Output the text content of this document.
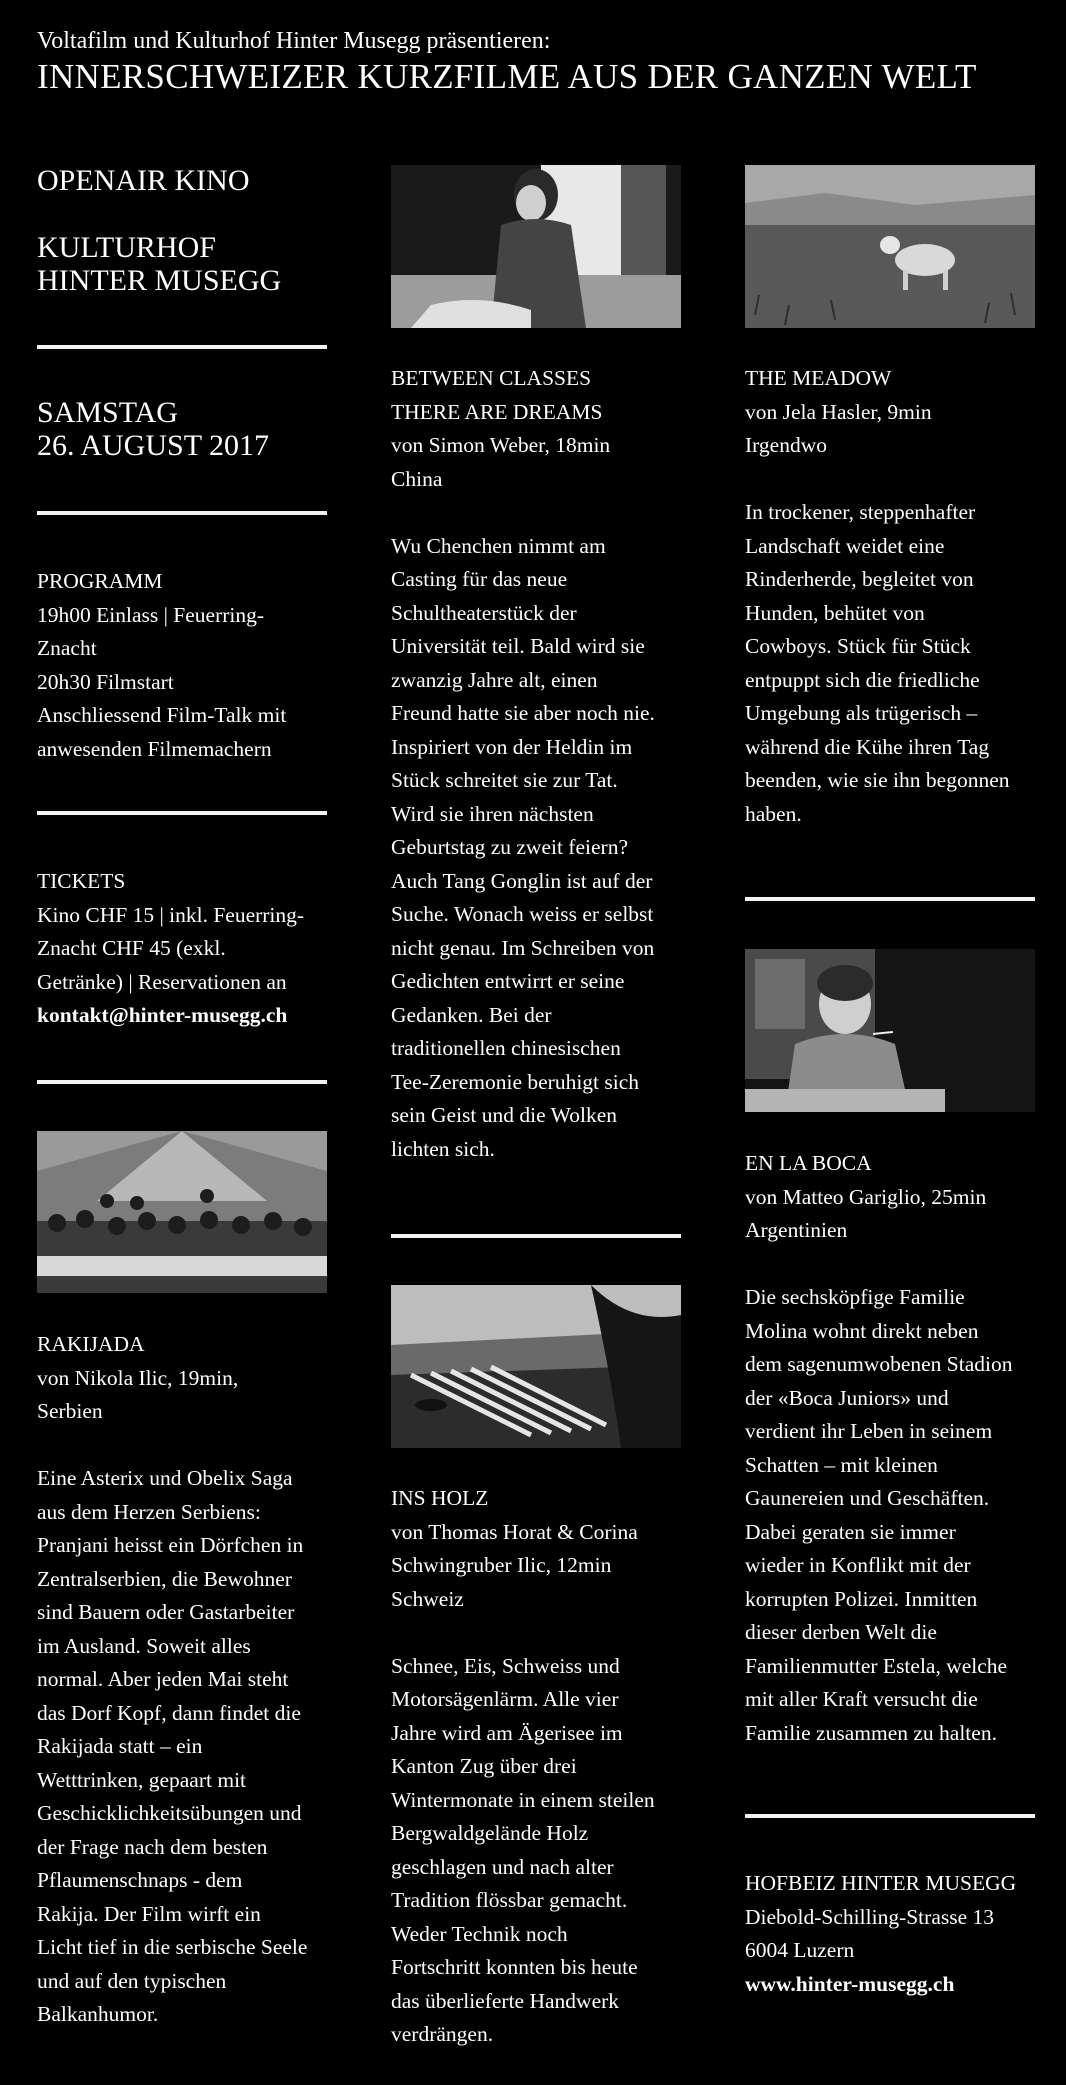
Voltafilm und Kulturhof Hinter Musegg präsentieren:
INNERSCHWEIZER KURZFILME AUS DER GANZEN WELT
OPENAIR KINO
KULTURHOF
HINTER MUSEGG
SAMSTAG
26. AUGUST 2017
PROGRAMM
19h00 Einlass | Feuerring-
Znacht
20h30 Filmstart
Anschliessend Film-Talk mit
anwesenden Filmemachern
TICKETS
Kino CHF 15 | inkl. Feuerring-
Znacht CHF 45 (exkl.
Getränke) | Reservationen an
kontakt@hinter-musegg.ch
RAKIJADA
von Nikola Ilic, 19min,
Serbien
Eine Asterix und Obelix Saga
aus dem Herzen Serbiens:
Pranjani heisst ein Dörfchen in
Zentralserbien, die Bewohner
sind Bauern oder Gastarbeiter
im Ausland. Soweit alles
normal. Aber jeden Mai steht
das Dorf Kopf, dann findet die
Rakijada statt – ein
Wetttrinken, gepaart mit
Geschicklichkeitsübungen und
der Frage nach dem besten
Pflaumenschnaps - dem
Rakija. Der Film wirft ein
Licht tief in die serbische Seele
und auf den typischen
Balkanhumor.
BETWEEN CLASSES
THERE ARE DREAMS
von Simon Weber, 18min
China
Wu Chenchen nimmt am
Casting für das neue
Schultheaterstück der
Universität teil. Bald wird sie
zwanzig Jahre alt, einen
Freund hatte sie aber noch nie.
Inspiriert von der Heldin im
Stück schreitet sie zur Tat.
Wird sie ihren nächsten
Geburtstag zu zweit feiern?
Auch Tang Gonglin ist auf der
Suche. Wonach weiss er selbst
nicht genau. Im Schreiben von
Gedichten entwirrt er seine
Gedanken. Bei der
traditionellen chinesischen
Tee-Zeremonie beruhigt sich
sein Geist und die Wolken
lichten sich.
INS HOLZ
von Thomas Horat & Corina
Schwingruber Ilic, 12min
Schweiz
Schnee, Eis, Schweiss und
Motorsägenlärm. Alle vier
Jahre wird am Ägerisee im
Kanton Zug über drei
Wintermonate in einem steilen
Bergwaldgelände Holz
geschlagen und nach alter
Tradition flössbar gemacht.
Weder Technik noch
Fortschritt konnten bis heute
das überlieferte Handwerk
verdrängen.
THE MEADOW
von Jela Hasler, 9min
Irgendwo
In trockener, steppenhafter
Landschaft weidet eine
Rinderherde, begleitet von
Hunden, behütet von
Cowboys. Stück für Stück
entpuppt sich die friedliche
Umgebung als trügerisch –
während die Kühe ihren Tag
beenden, wie sie ihn begonnen
haben.
EN LA BOCA
von Matteo Gariglio, 25min
Argentinien
Die sechsköpfige Familie
Molina wohnt direkt neben
dem sagenumwobenen Stadion
der «Boca Juniors» und
verdient ihr Leben in seinem
Schatten – mit kleinen
Gaunereien und Geschäften.
Dabei geraten sie immer
wieder in Konflikt mit der
korrupten Polizei. Inmitten
dieser derben Welt die
Familienmutter Estela, welche
mit aller Kraft versucht die
Familie zusammen zu halten.
HOFBEIZ HINTER MUSEGG
Diebold-Schilling-Strasse 13
6004 Luzern
www.hinter-musegg.ch
